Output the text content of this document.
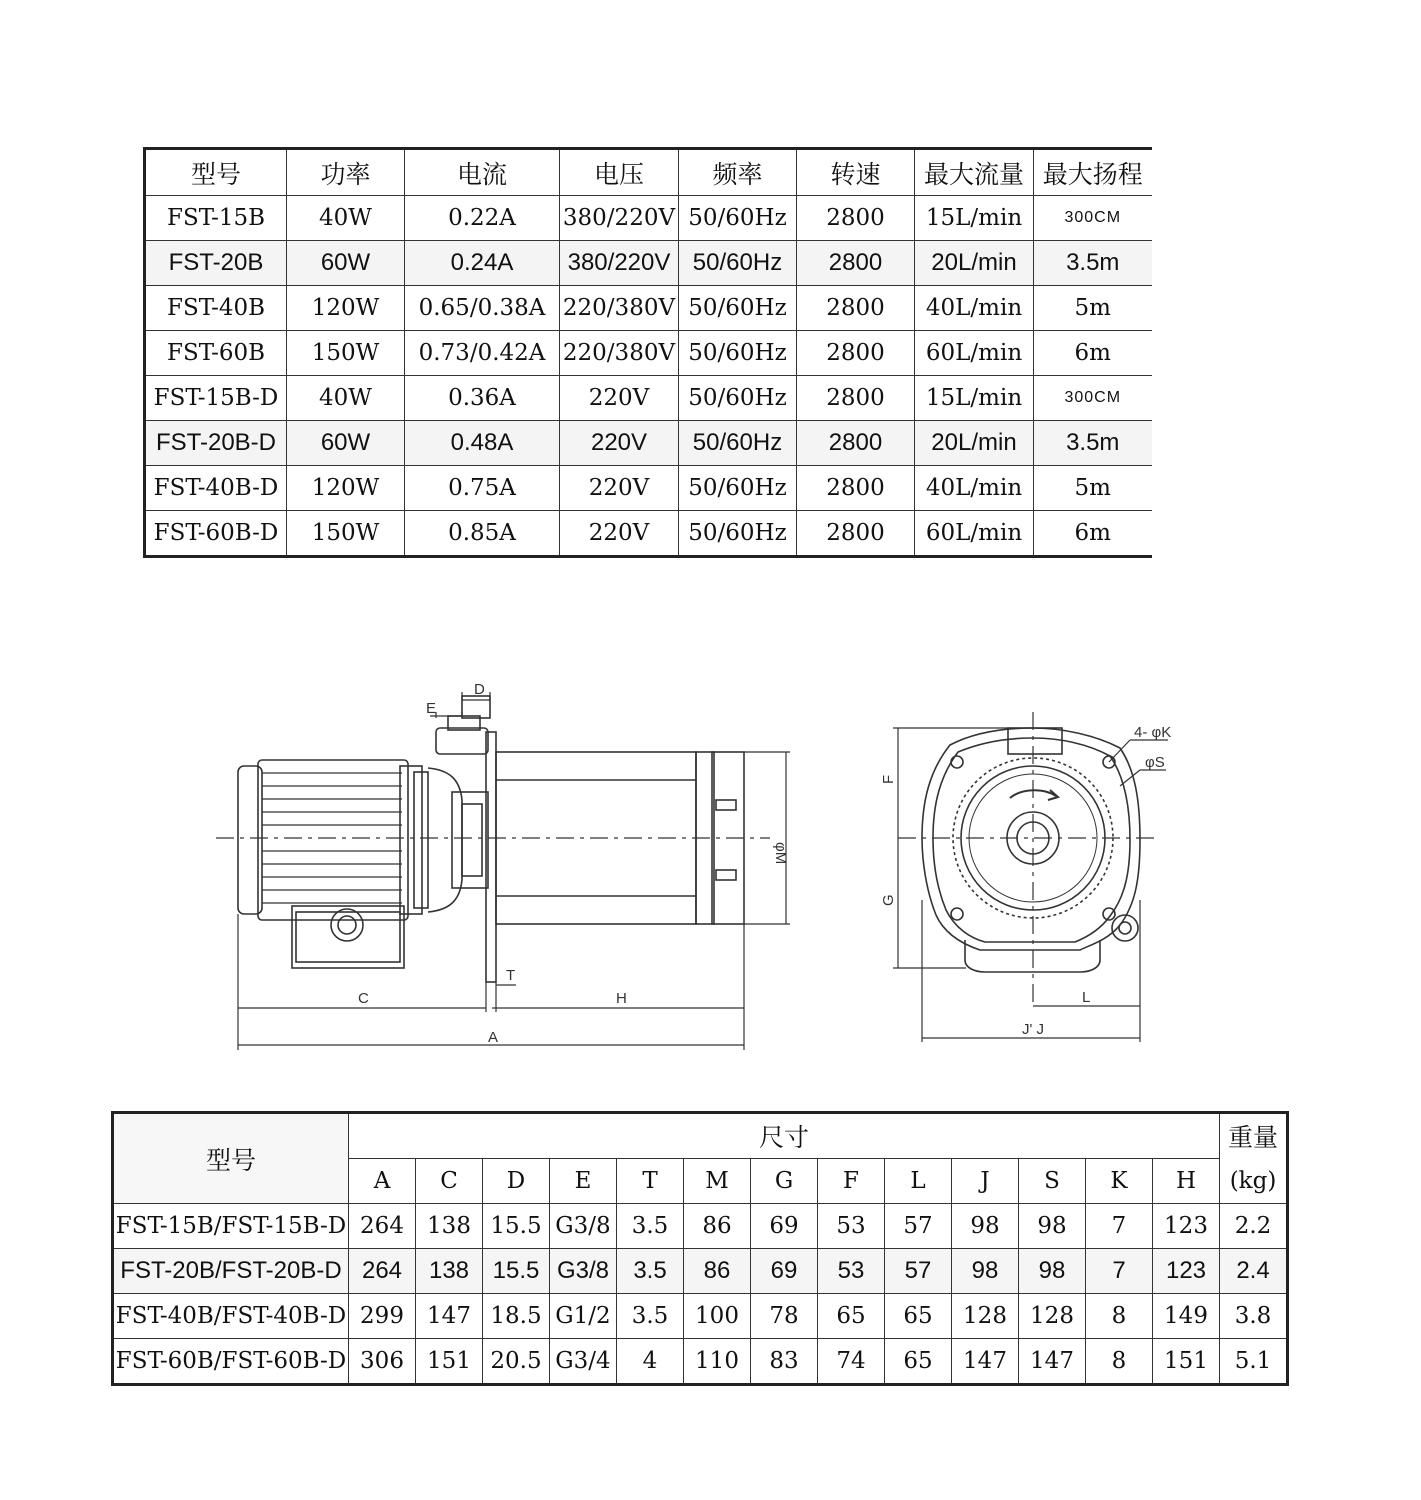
型号	功率	电流	电压	频率	转速	最大流量	最大扬程
FST-15B	40W	0.22A	380/220V	50/60Hz	2800	15L/min	300CM
FST-20B	60W	0.24A	380/220V	50/60Hz	2800	20L/min	3.5m
FST-40B	120W	0.65/0.38A	220/380V	50/60Hz	2800	40L/min	5m
FST-60B	150W	0.73/0.42A	220/380V	50/60Hz	2800	60L/min	6m
FST-15B-D	40W	0.36A	220V	50/60Hz	2800	15L/min	300CM
FST-20B-D	60W	0.48A	220V	50/60Hz	2800	20L/min	3.5m
FST-40B-D	120W	0.75A	220V	50/60Hz	2800	40L/min	5m
FST-60B-D	150W	0.85A	220V	50/60Hz	2800	60L/min	6m
E
D
φM
T
C	H
A
4- φK
φS
F
G
L
J' J
型号	尺寸													重量
	A	C	D	E	T	M	G	F	L	J	S	K	H	(kg)
FST-15B/FST-15B-D	264	138	15.5	G3/8	3.5	86	69	53	57	98	98	7	123	2.2
FST-20B/FST-20B-D	264	138	15.5	G3/8	3.5	86	69	53	57	98	98	7	123	2.4
FST-40B/FST-40B-D	299	147	18.5	G1/2	3.5	100	78	65	65	128	128	8	149	3.8
FST-60B/FST-60B-D	306	151	20.5	G3/4	4	110	83	74	65	147	147	8	151	5.1
